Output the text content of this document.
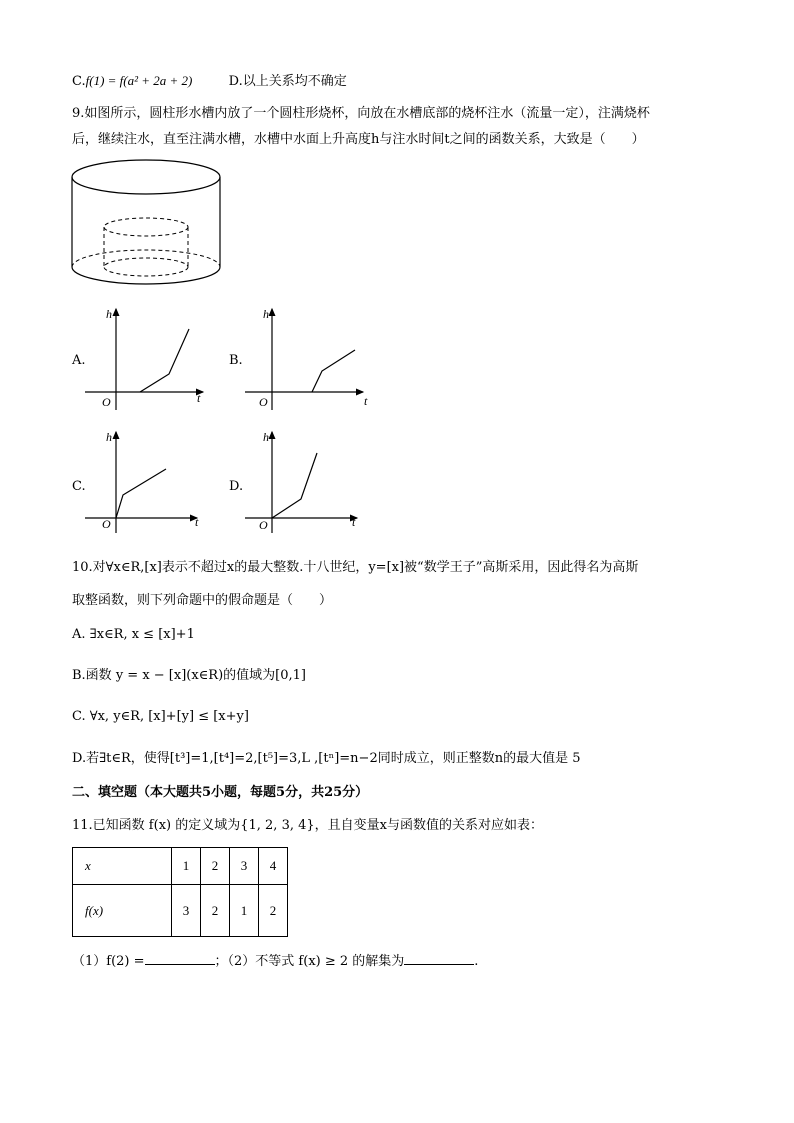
C.f(1) = f(a² + 2a + 2)	D.以上关系均不确定
9.如图所示，圆柱形水槽内放了一个圆柱形烧杯，向放在水槽底部的烧杯注水（流量一定），注满烧杯
后，继续注水，直至注满水槽，水槽中水面上升高度h与注水时间t之间的函数关系，大致是（　　）
A.	B.
C.	D.
h
O	t
h
O	t
h
O	t
h
O	t
10.对∀x∈R,[x]表示不超过x的最大整数.十八世纪，y=[x]被“数学王子”高斯采用，因此得名为高斯
取整函数，则下列命题中的假命题是（　　）
A. ∃x∈R, x ≤ [x]+1
B.函数 y = x − [x](x∈R)的值域为[0,1]
C. ∀x, y∈R, [x]+[y] ≤ [x+y]
D.若∃t∈R，使得[t³]=1,[t⁴]=2,[t⁵]=3,L ,[tⁿ]=n−2同时成立，则正整数n的最大值是 5
二、填空题（本大题共5小题，每题5分，共25分）
11.已知函数 f(x) 的定义域为{1, 2, 3, 4}，且自变量x与函数值的关系对应如表：
x	1	2	3	4
f(x)	3	2	1	2
（1）f(2) =	；（2）不等式 f(x) ≥ 2 的解集为	.
